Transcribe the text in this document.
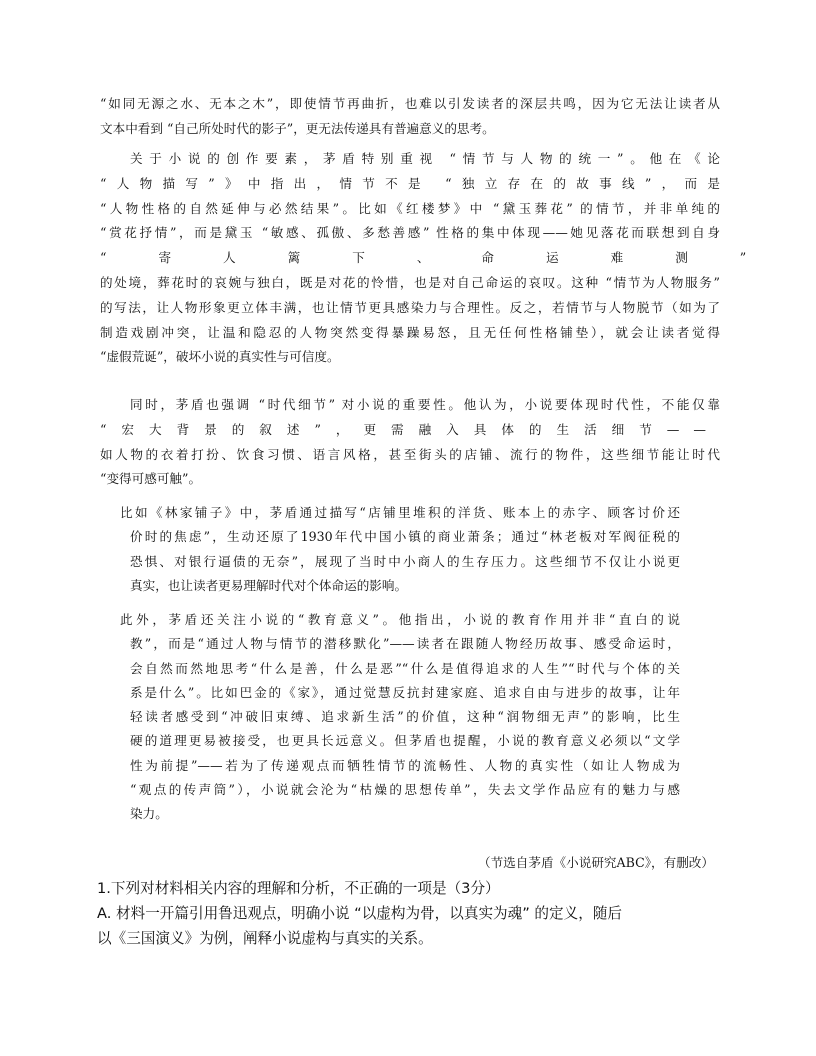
“如同无源之水、无本之木”，即使情节再曲折，也难以引发读者的深层共鸣，因为它无法让读者从
文本中看到 “自己所处时代的影子”，更无法传递具有普遍意义的思考。
关于小说的创作要素，茅盾特别重视 “情节与人物的统一”。他在《论
“人物描写”》中指出，情节不是 “独立存在的故事线”，而是
“人物性格的自然延伸与必然结果”。比如《红楼梦》中 “黛玉葬花” 的情节，并非单纯的
“赏花抒情”，而是黛玉 “敏感、孤傲、多愁善感” 性格的集中体现——她见落花而联想到自身
“寄人篱下、命运难测”
的处境，葬花时的哀婉与独白，既是对花的怜惜，也是对自己命运的哀叹。这种 “情节为人物服务”
的写法，让人物形象更立体丰满，也让情节更具感染力与合理性。反之，若情节与人物脱节（如为了
制造戏剧冲突，让温和隐忍的人物突然变得暴躁易怒，且无任何性格铺垫），就会让读者觉得
“虚假荒诞”，破坏小说的真实性与可信度。
同时，茅盾也强调 “时代细节” 对小说的重要性。他认为，小说要体现时代性，不能仅靠
“宏大背景的叙述”，更需融入具体的生活细节——
如人物的衣着打扮、饮食习惯、语言风格，甚至街头的店铺、流行的物件，这些细节能让时代
“变得可感可触”。
比如《林家铺子》中，茅盾通过描写“店铺里堆积的洋货、账本上的赤字、顾客讨价还
价时的焦虑”，生动还原了1930年代中国小镇的商业萧条；通过“林老板对军阀征税的
恐惧、对银行逼债的无奈”，展现了当时中小商人的生存压力。这些细节不仅让小说更
真实，也让读者更易理解时代对个体命运的影响。
此外，茅盾还关注小说的“教育意义”。他指出，小说的教育作用并非“直白的说
教”，而是“通过人物与情节的潜移默化”——读者在跟随人物经历故事、感受命运时，
会自然而然地思考“什么是善，什么是恶”“什么是值得追求的人生”“时代与个体的关
系是什么”。比如巴金的《家》，通过觉慧反抗封建家庭、追求自由与进步的故事，让年
轻读者感受到“冲破旧束缚、追求新生活”的价值，这种“润物细无声”的影响，比生
硬的道理更易被接受，也更具长远意义。但茅盾也提醒，小说的教育意义必须以“文学
性为前提”——若为了传递观点而牺牲情节的流畅性、人物的真实性（如让人物成为
“观点的传声筒”），小说就会沦为“枯燥的思想传单”，失去文学作品应有的魅力与感
染力。
（节选自茅盾《小说研究ABC》，有删改）
1.下列对材料相关内容的理解和分析，不正确的一项是（3分）
A. 材料一开篇引用鲁迅观点，明确小说 “以虚构为骨，以真实为魂” 的定义，随后
以《三国演义》为例，阐释小说虚构与真实的关系。
